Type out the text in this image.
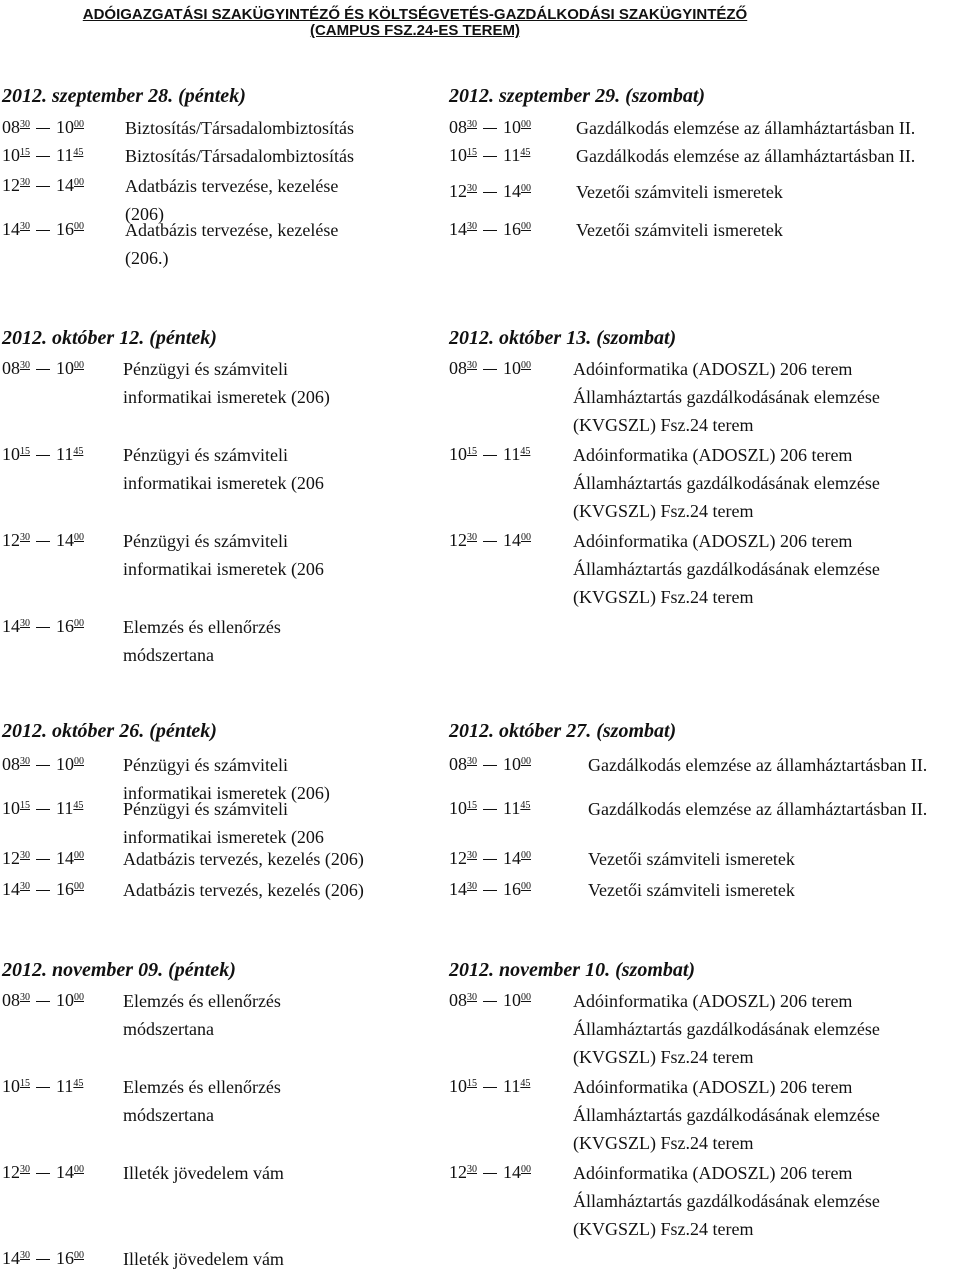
ADÓIGAZGATÁSI SZAKÜGYINTÉZŐ ÉS KÖLTSÉGVETÉS-GAZDÁLKODÁSI SZAKÜGYINTÉZŐ
(CAMPUS FSZ.24-ES TEREM)
2012. szeptember 28. (péntek)
$08^{30}$ $10^{00}$ Biztosítás/Társadalombiztosítás
$10^{15}$ $11^{45}$ Biztosítás/Társadalombiztosítás
$12^{30}$ $14^{00}$ Adatbázis tervezése, kezelése
(206)
$14^{30}$ $16^{00}$ Adatbázis tervezése, kezelése
(206.)
2012. szeptember 29. (szombat)
$08^{30}$ $10^{00}$	Gazdálkodás elemzése az államháztartásban II.
$10^{15}$ $11^{45}$	Gazdálkodás elemzése az államháztartásban II.
$12^{30}$ $14^{00}$	Vezetői számviteli ismeretek
$14^{30}$ $16^{00}$	Vezetői számviteli ismeretek
2012. október 12. (péntek)
$08^{30}$ $10^{00}$ Pénzügyi és számviteli
informatikai ismeretek (206)
$10^{15}$ $11^{45}$ Pénzügyi és számviteli
informatikai ismeretek (206
$12^{30}$ $14^{00}$ Pénzügyi és számviteli
informatikai ismeretek (206
$14^{30}$ $16^{00}$ Elemzés és ellenőrzés
módszertana
2012. október 13. (szombat)
$08^{30}$ $10^{00}$ Adóinformatika (ADOSZL) 206 terem
Államháztartás gazdálkodásának elemzése
(KVGSZL) Fsz.24 terem
$10^{15}$ $11^{45}$ Adóinformatika (ADOSZL) 206 terem
Államháztartás gazdálkodásának elemzése
(KVGSZL) Fsz.24 terem
$12^{30}$ $14^{00}$ Adóinformatika (ADOSZL) 206 terem
Államháztartás gazdálkodásának elemzése
(KVGSZL) Fsz.24 terem
2012. október 26. (péntek)
$08^{30}$ $10^{00}$ Pénzügyi és számviteli
informatikai ismeretek (206)
$10^{15}$ $11^{45}$ Pénzügyi és számviteli
informatikai ismeretek (206
$12^{30}$ $14^{00}$ Adatbázis tervezés, kezelés (206)
$14^{30}$ $16^{00}$ Adatbázis tervezés, kezelés (206)
2012. október 27. (szombat)
$08^{30}$ $10^{00}$	Gazdálkodás elemzése az államháztartásban II.
$10^{15}$ $11^{45}$	Gazdálkodás elemzése az államháztartásban II.
$12^{30}$ $14^{00}$	Vezetői számviteli ismeretek
$14^{30}$ $16^{00}$	Vezetői számviteli ismeretek
2012. november 09. (péntek)
$08^{30}$ $10^{00}$ Elemzés és ellenőrzés
módszertana
$10^{15}$ $11^{45}$ Elemzés és ellenőrzés
módszertana
$12^{30}$ $14^{00}$ Illeték jövedelem vám
$14^{30}$ $16^{00}$ Illeték jövedelem vám
2012. november 10. (szombat)
$08^{30}$ $10^{00}$ Adóinformatika (ADOSZL) 206 terem
Államháztartás gazdálkodásának elemzése
(KVGSZL) Fsz.24 terem
$10^{15}$ $11^{45}$ Adóinformatika (ADOSZL) 206 terem
Államháztartás gazdálkodásának elemzése
(KVGSZL) Fsz.24 terem
$12^{30}$ $14^{00}$ Adóinformatika (ADOSZL) 206 terem
Államháztartás gazdálkodásának elemzése
(KVGSZL) Fsz.24 terem
